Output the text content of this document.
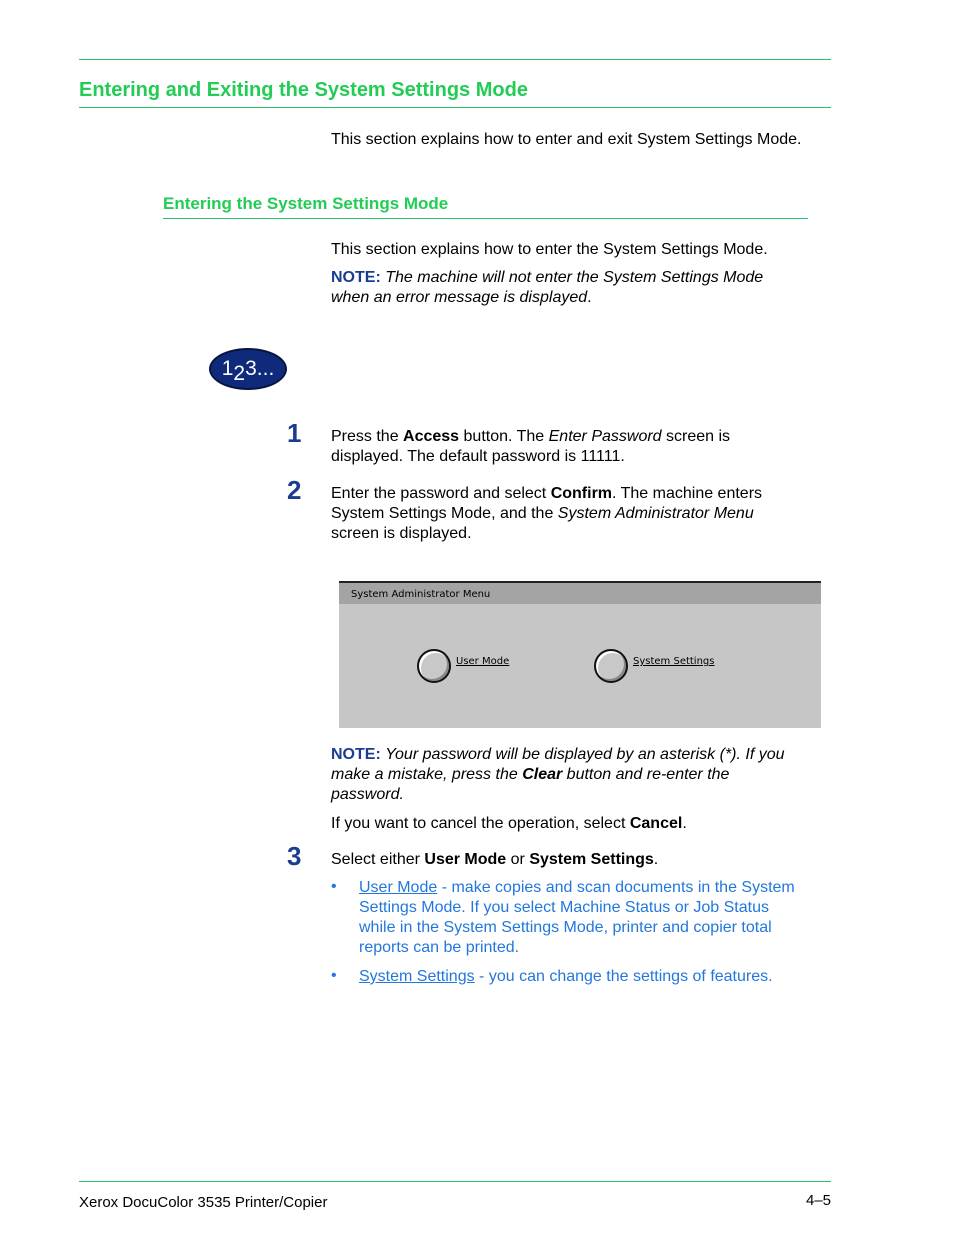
Entering and Exiting the System Settings Mode
This section explains how to enter and exit System Settings Mode.
Entering the System Settings Mode
This section explains how to enter the System Settings Mode.
NOTE: The machine will not enter the System Settings Mode
when an error message is displayed.
1 2 3...
1 Press the Access button. The Enter Password screen is
displayed. The default password is 11111.
2 Enter the password and select Confirm. The machine enters
System Settings Mode, and the System Administrator Menu
screen is displayed.
System Administrator Menu
User Mode	System Settings
NOTE: Your password will be displayed by an asterisk (*). If you
make a mistake, press the Clear button and re-enter the
password.
If you want to cancel the operation, select Cancel.
3 Select either User Mode or System Settings.
• User Mode - make copies and scan documents in the System
Settings Mode. If you select Machine Status or Job Status
while in the System Settings Mode, printer and copier total
reports can be printed.
• System Settings - you can change the settings of features.
Xerox DocuColor 3535 Printer/Copier	4–5
